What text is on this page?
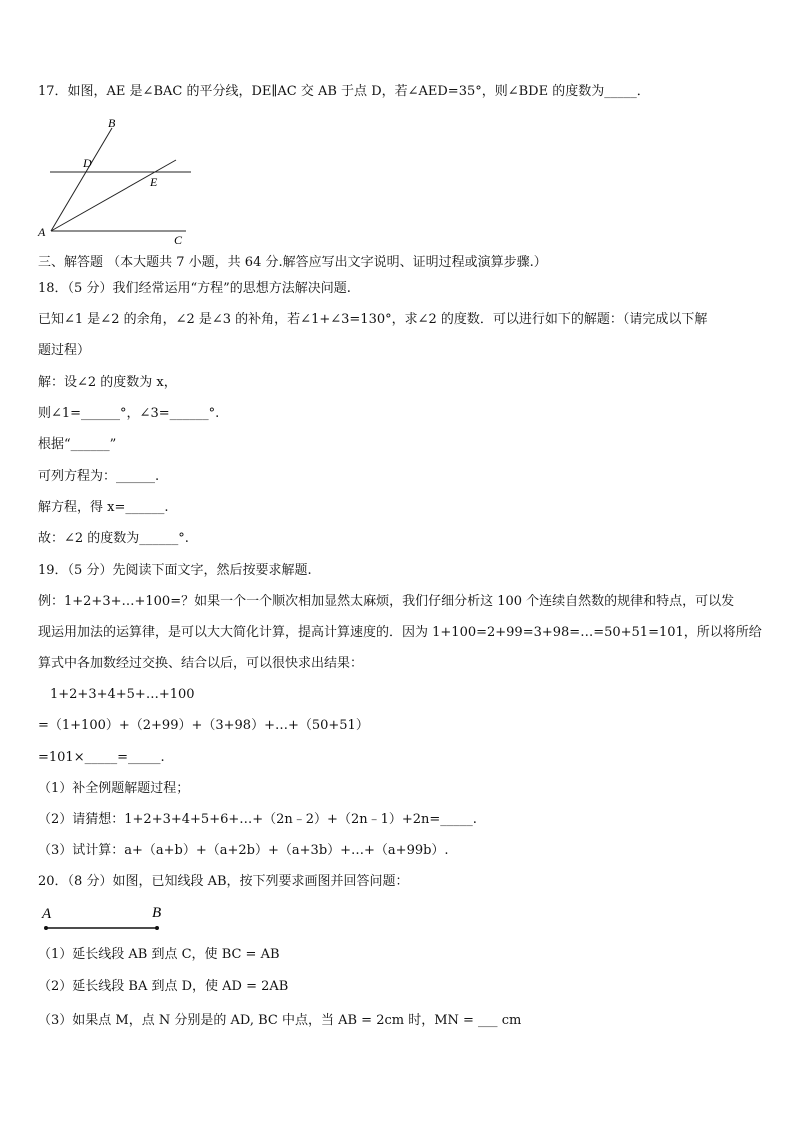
17．如图，AE 是∠BAC 的平分线，DE∥AC 交 AB 于点 D，若∠AED=35°，则∠BDE 的度数为_____．
B
D
E
A
C
三、解答题 （本大题共 7 小题，共 64 分.解答应写出文字说明、证明过程或演算步骤.）
18．（5 分）我们经常运用“方程”的思想方法解决问题.
已知∠1 是∠2 的余角，∠2 是∠3 的补角，若∠1+∠3=130°，求∠2 的度数．可以进行如下的解题：（请完成以下解
题过程）
解：设∠2 的度数为 x，
则∠1=______°，∠3=______°.
根据“______”
可列方程为：______.
解方程，得 x=______.
故：∠2 的度数为______°.
19．（5 分）先阅读下面文字，然后按要求解题.
例：1+2+3+…+100=？如果一个一个顺次相加显然太麻烦，我们仔细分析这 100 个连续自然数的规律和特点，可以发
现运用加法的运算律，是可以大大简化计算，提高计算速度的．因为 1+100=2+99=3+98=…=50+51=101，所以将所给
算式中各加数经过交换、结合以后，可以很快求出结果：
1+2+3+4+5+…+100
=（1+100）+（2+99）+（3+98）+…+（50+51）
=101×_____=_____.
（1）补全例题解题过程；
（2）请猜想：1+2+3+4+5+6+…+（2n﹣2）+（2n﹣1）+2n=_____.
（3）试计算：a+（a+b）+（a+2b）+（a+3b）+…+（a+99b）.
20．（8 分）如图，已知线段 AB，按下列要求画图并回答问题：
A	B
（1）延长线段 AB 到点 C，使 BC = AB
（2）延长线段 BA 到点 D，使 AD = 2AB
（3）如果点 M，点 N 分别是的 AD, BC 中点，当 AB = 2cm 时，MN = ___ cm
